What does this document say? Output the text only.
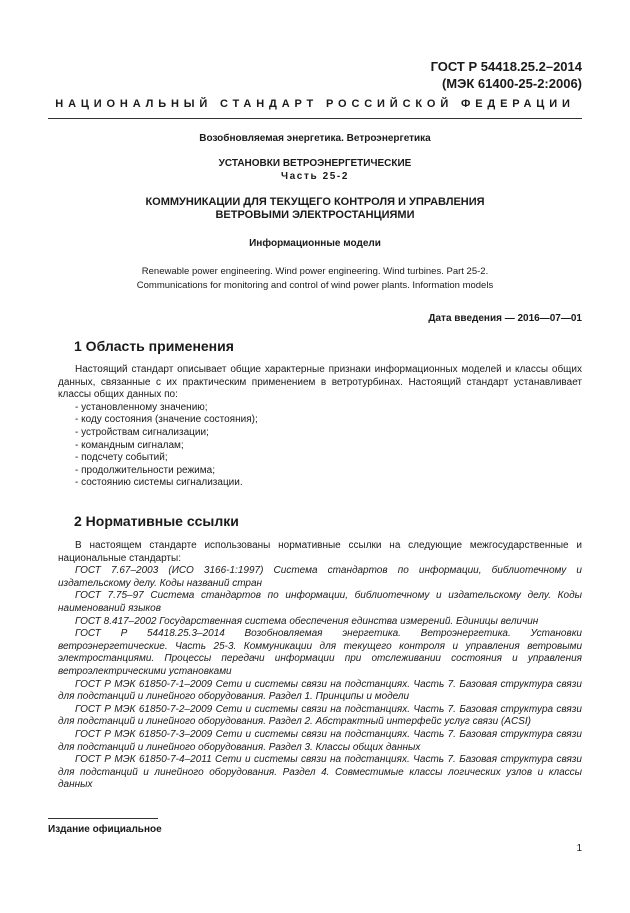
ГОСТ Р 54418.25.2–2014
(МЭК 61400-25-2:2006)
НАЦИОНАЛЬНЫЙ СТАНДАРТ РОССИЙСКОЙ ФЕДЕРАЦИИ
Возобновляемая энергетика. Ветроэнергетика
УСТАНОВКИ ВЕТРОЭНЕРГЕТИЧЕСКИЕ
Часть 25-2
КОММУНИКАЦИИ ДЛЯ ТЕКУЩЕГО КОНТРОЛЯ И УПРАВЛЕНИЯ
ВЕТРОВЫМИ ЭЛЕКТРОСТАНЦИЯМИ
Информационные модели
Renewable power engineering. Wind power engineering. Wind turbines. Part 25-2.
Communications for monitoring and control of wind power plants. Information models
Дата введения — 2016—07—01
1 Область применения

Настоящий стандарт описывает общие характерные признаки информационных моделей и классы общих данных, связанные с их практическим применением в ветротурбинах. Настоящий стандарт устанавливает классы общих данных по:

- установленному значению;
- коду состояния (значение состояния);
- устройствам сигнализации;
- командным сигналам;
- подсчету событий;
- продолжительности режима;
- состоянию системы сигнализации.
2 Нормативные ссылки

В настоящем стандарте использованы нормативные ссылки на следующие межгосударственные и национальные стандарты:

ГОСТ 7.67–2003 (ИСО 3166-1:1997) Система стандартов по информации, библиотечному и издательскому делу. Коды названий стран

ГОСТ 7.75–97 Система стандартов по информации, библиотечному и издательскому делу. Коды наименований языков

ГОСТ 8.417–2002 Государственная система обеспечения единства измерений. Единицы величин

ГОСТ Р 54418.25.3–2014 Возобновляемая энергетика. Ветроэнергетика. Установки ветроэнергетические. Часть 25-3. Коммуникации для текущего контроля и управления ветровыми электростанциями. Процессы передачи информации при отслеживании состояния и управления ветроэлектрическими установками

ГОСТ Р МЭК 61850-7-1–2009 Сети и системы связи на подстанциях. Часть 7. Базовая структура связи для подстанций и линейного оборудования. Раздел 1. Принципы и модели

ГОСТ Р МЭК 61850-7-2–2009 Сети и системы связи на подстанциях. Часть 7. Базовая структура связи для подстанций и линейного оборудования. Раздел 2. Абстрактный интерфейс услуг связи (ACSI)

ГОСТ Р МЭК 61850-7-3–2009 Сети и системы связи на подстанциях. Часть 7. Базовая структура связи для подстанций и линейного оборудования. Раздел 3. Классы общих данных

ГОСТ Р МЭК 61850-7-4–2011 Сети и системы связи на подстанциях. Часть 7. Базовая структура связи для подстанций и линейного оборудования. Раздел 4. Совместимые классы логических узлов и классы данных

Издание официальное
1
